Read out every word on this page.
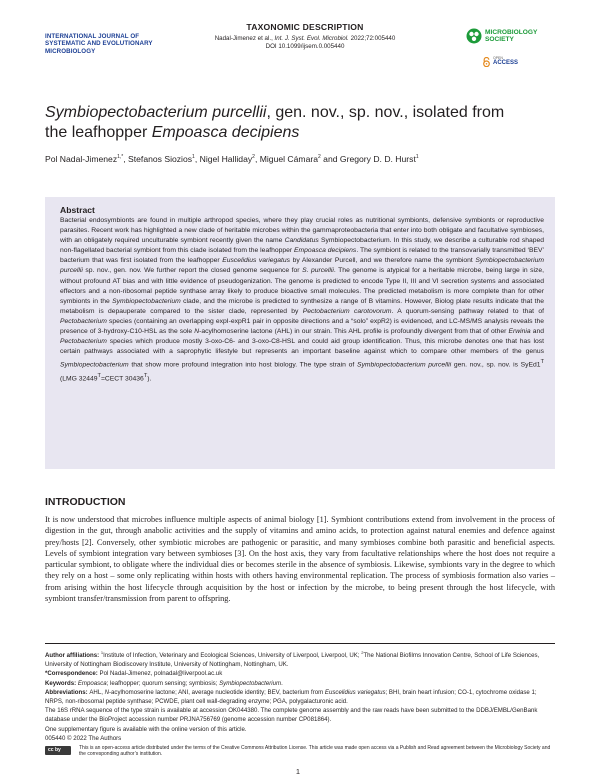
INTERNATIONAL JOURNAL OF
SYSTEMATIC AND EVOLUTIONARY
MICROBIOLOGY
TAXONOMIC DESCRIPTION
Nadal-Jimenez et al., Int. J. Syst. Evol. Microbiol. 2022;72:005440
DOI 10.1099/ijsem.0.005440
MICROBIOLOGY
SOCIETY
OPEN
ACCESS
Symbiopectobacterium purcellii, gen. nov., sp. nov., isolated from
the leafhopper Empoasca decipiens
Pol Nadal-Jimenez$^{1,*}$, Stefanos Siozios$^1$, Nigel Halliday$^2$, Miguel Cámara$^2$ and Gregory D. D. Hurst$^1$
Abstract
Bacterial endosymbionts are found in multiple arthropod species, where they play crucial roles as nutritional symbionts, defensive symbionts or reproductive parasites. Recent work has highlighted a new clade of heritable microbes within the gammaproteobacteria that enter into both obligate and facultative symbioses, with an obligately required unculturable symbiont recently given the name Candidatus Symbiopectobacterium. In this study, we describe a culturable rod shaped non-flagellated bacterial symbiont from this clade isolated from the leafhopper Empoasca decipiens. The symbiont is related to the transovarially transmitted ‘BEV’ bacterium that was first isolated from the leafhopper Euscelidius variegatus by Alexander Purcell, and we therefore name the symbiont Symbiopectobacterium purcellii sp. nov., gen. nov. We further report the closed genome sequence for S. purcellii. The genome is atypical for a heritable microbe, being large in size, without profound AT bias and with little evidence of pseudogenization. The genome is predicted to encode Type II, III and VI secretion systems and associated effectors and a non-ribosomal peptide synthase array likely to produce bioactive small molecules. The predicted metabolism is more complete than for other symbionts in the Symbiopectobacterium clade, and the microbe is predicted to synthesize a range of B vitamins. However, Biolog plate results indicate that the metabolism is depauperate compared to the sister clade, represented by Pectobacterium carotovorum. A quorum-sensing pathway related to that of Pectobacterium species (containing an overlapping expI-expR1 pair in opposite directions and a “solo” expR2) is evidenced, and LC-MS/MS analysis reveals the presence of 3-hydroxy-C10-HSL as the sole N-acylhomoserine lactone (AHL) in our strain. This AHL profile is profoundly divergent from that of other Erwinia and Pectobacterium species which produce mostly 3-oxo-C6- and 3-oxo-C8-HSL and could aid group identification. Thus, this microbe denotes one that has lost certain pathways associated with a saprophytic lifestyle but represents an important baseline against which to compare other members of the genus Symbiopectobacterium that show more profound integration into host biology. The type strain of Symbiopectobacterium purcellii gen. nov., sp. nov. is $SyEd1^T$ (LMG $32449^T=CECT$ $30436^T$).
INTRODUCTION
It is now understood that microbes influence multiple aspects of animal biology [1]. Symbiont contributions extend from involvement in the process of digestion in the gut, through anabolic activities and the supply of vitamins and amino acids, to protection against natural enemies and defence against prey/hosts [2]. Conversely, other symbiotic microbes are pathogenic or parasitic, and many symbioses combine both parasitic and beneficial aspects. Levels of symbiont integration vary between symbioses [3]. On the host axis, they vary from facultative relationships where the host does not require a particular symbiont, to obligate where the individual dies or becomes sterile in the absence of symbiosis. Likewise, symbionts vary in the degree to which they rely on a host – some only replicating within hosts with others having environmental replication. The process of symbiosis formation also varies – from arising within the host lifecycle through acquisition by the host or infection by the microbe, to being present through the host lifecycle, with symbiont transfer/transmission from parent to offspring.
Author affiliations: $^1$Institute of Infection, Veterinary and Ecological Sciences, University of Liverpool, Liverpool, UK; $^2$The National Biofilms Innovation Centre, School of Life Sciences, University of Nottingham Biodiscovery Institute, University of Nottingham, Nottingham, UK.
*Correspondence: Pol Nadal-Jimenez, polnadal@liverpool.ac.uk
Keywords: Empoasca; leafhopper; quorum sensing; symbiosis; Symbiopectobacterium.
Abbreviations: AHL, N-acylhomoserine lactone; ANI, average nucleotide identity; BEV, bacterium from Euscelidius variegatus; BHI, brain heart infusion; CO-1, cytochrome oxidase 1; NRPS, non-ribosomal peptide synthase; PCWDE, plant cell wall-degrading enzyme; PGA, polygalacturonic acid.
The 16S rRNA sequence of the type strain is available at accession OK044380. The complete genome assembly and the raw reads have been submitted to the DDBJ/EMBL/GenBank database under the BioProject accession number PRJNA756769 (genome accession number CP081864).
One supplementary figure is available with the online version of this article.
005440 © 2022 The Authors
cc by	This is an open-access article distributed under the terms of the Creative Commons Attribution License. This article was made open access via a Publish and Read agreement between the Microbiology Society and the corresponding author’s institution.
1
